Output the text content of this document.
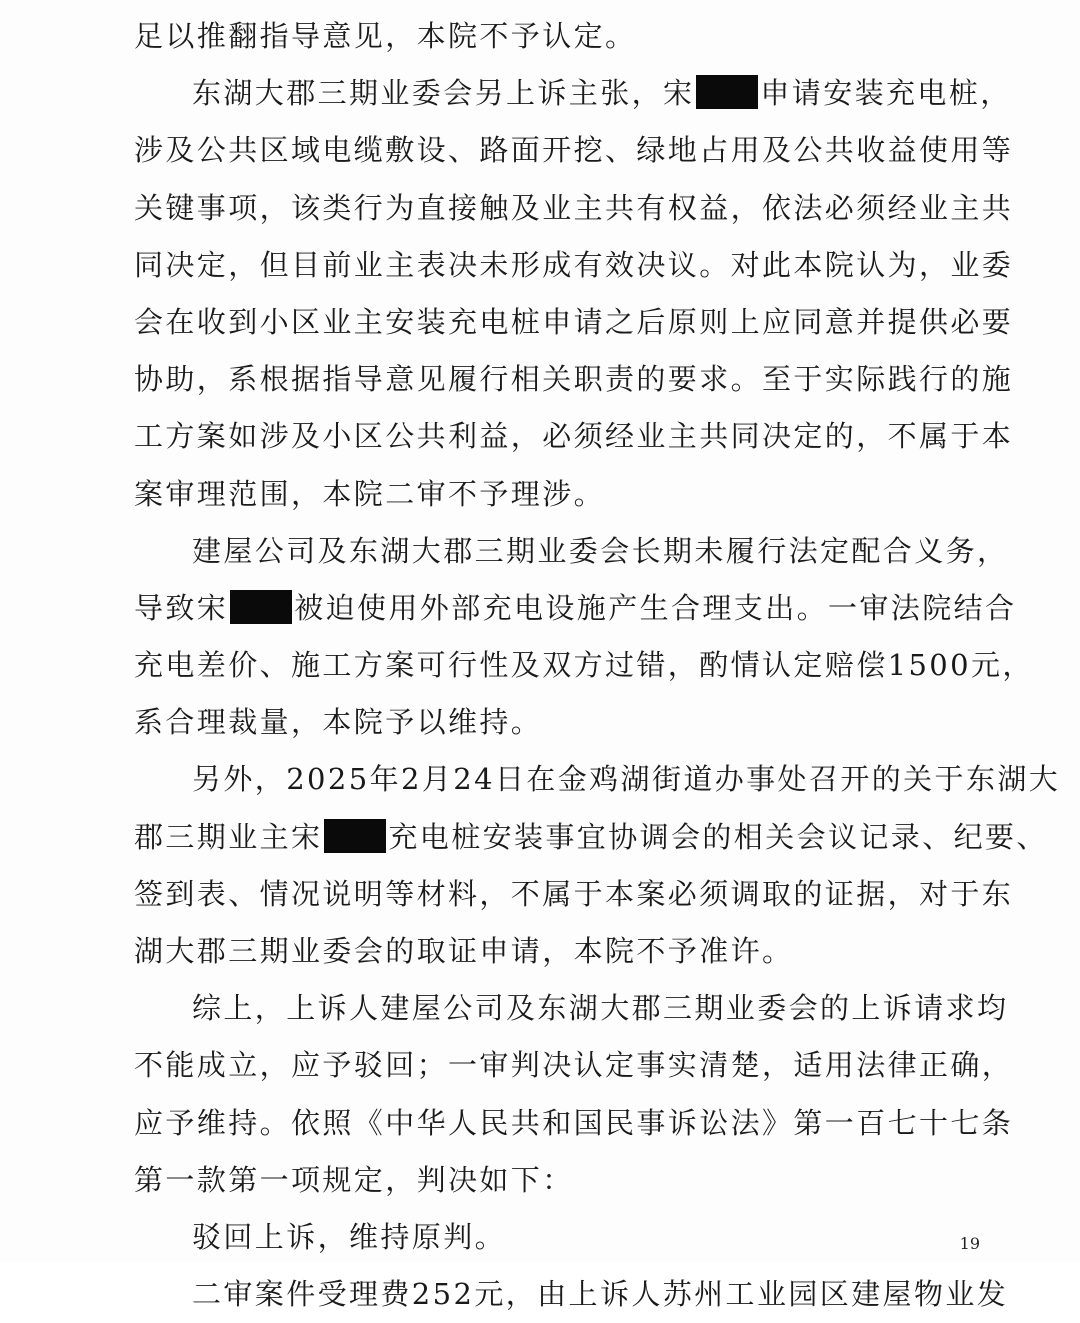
足以推翻指导意见，本院不予认定。
东湖大郡三期业委会另上诉主张，宋 申请安装充电桩，
涉及公共区域电缆敷设、路面开挖、绿地占用及公共收益使用等
关键事项，该类行为直接触及业主共有权益，依法必须经业主共
同决定，但目前业主表决未形成有效决议。对此本院认为，业委
会在收到小区业主安装充电桩申请之后原则上应同意并提供必要
协助，系根据指导意见履行相关职责的要求。至于实际践行的施
工方案如涉及小区公共利益，必须经业主共同决定的，不属于本
案审理范围，本院二审不予理涉。
建屋公司及东湖大郡三期业委会长期未履行法定配合义务，
导致宋 被迫使用外部充电设施产生合理支出。一审法院结合
充电差价、施工方案可行性及双方过错，酌情认定赔偿1500元，
系合理裁量，本院予以维持。
另外，2025年2月24日在金鸡湖街道办事处召开的关于东湖大
郡三期业主宋 充电桩安装事宜协调会的相关会议记录、纪要、
签到表、情况说明等材料，不属于本案必须调取的证据，对于东
湖大郡三期业委会的取证申请，本院不予准许。
综上，上诉人建屋公司及东湖大郡三期业委会的上诉请求均
不能成立，应予驳回；一审判决认定事实清楚，适用法律正确，
应予维持。依照《中华人民共和国民事诉讼法》第一百七十七条
第一款第一项规定，判决如下：
驳回上诉，维持原判。
二审案件受理费252元，由上诉人苏州工业园区建屋物业发
19
